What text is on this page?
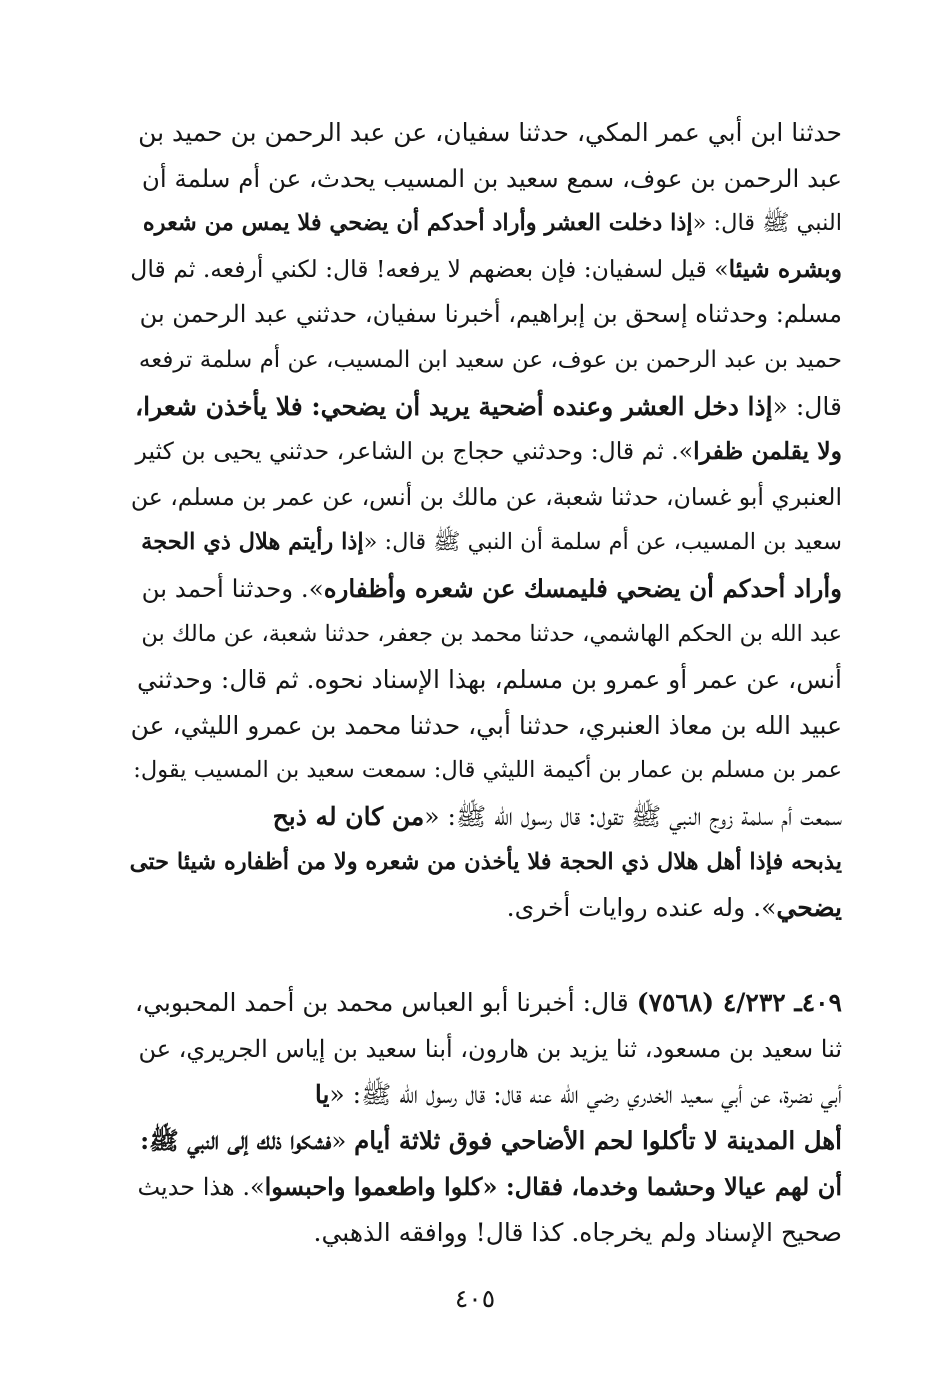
حدثنا ابن أبي عمر المكي، حدثنا سفيان، عن عبد الرحمن بن حميد بن
عبد الرحمن بن عوف، سمع سعيد بن المسيب يحدث، عن أم سلمة أن
النبي ﷺ قال: «إذا دخلت العشر وأراد أحدكم أن يضحي فلا يمس من شعره
وبشره شيئا» قيل لسفيان: فإن بعضهم لا يرفعه! قال: لكني أرفعه. ثم قال
مسلم: وحدثناه إسحق بن إبراهيم، أخبرنا سفيان، حدثني عبد الرحمن بن
حميد بن عبد الرحمن بن عوف، عن سعيد ابن المسيب، عن أم سلمة ترفعه
قال: «إذا دخل العشر وعنده أضحية يريد أن يضحي: فلا يأخذن شعرا،
ولا يقلمن ظفرا». ثم قال: وحدثني حجاج بن الشاعر، حدثني يحيى بن كثير
العنبري أبو غسان، حدثنا شعبة، عن مالك بن أنس، عن عمر بن مسلم، عن
سعيد بن المسيب، عن أم سلمة أن النبي ﷺ قال: «إذا رأيتم هلال ذي الحجة
وأراد أحدكم أن يضحي فليمسك عن شعره وأظفاره». وحدثنا أحمد بن
عبد الله بن الحكم الهاشمي، حدثنا محمد بن جعفر، حدثنا شعبة، عن مالك بن
أنس، عن عمر أو عمرو بن مسلم، بهذا الإسناد نحوه. ثم قال: وحدثني
عبيد الله بن معاذ العنبري، حدثنا أبي، حدثنا محمد بن عمرو الليثي، عن
عمر بن مسلم بن عمار بن أكيمة الليثي قال: سمعت سعيد بن المسيب يقول:
سمعت أم سلمة زوج النبي ﷺ تقول: قال رسول الله ﷺ: «من كان له ذبح
يذبحه فإذا أهل هلال ذي الحجة فلا يأخذن من شعره ولا من أظفاره شيئا حتى
يضحي». وله عنده روايات أخرى.
٤٠٩ـ ٤/٢٣٢ (٧٥٦٨) قال: أخبرنا أبو العباس محمد بن أحمد المحبوبي،
ثنا سعيد بن مسعود، ثنا يزيد بن هارون، أبنا سعيد بن إياس الجريري، عن
أبي نضرة، عن أبي سعيد الخدري رضي الله عنه قال: قال رسول الله ﷺ: «يا
أهل المدينة لا تأكلوا لحم الأضاحي فوق ثلاثة أيام «فشكوا ذلك إلى النبي ﷺ:
أن لهم عيالا وحشما وخدما، فقال: «كلوا واطعموا واحبسوا». هذا حديث
صحيح الإسناد ولم يخرجاه. كذا قال! ووافقه الذهبي.
٤٠٥
